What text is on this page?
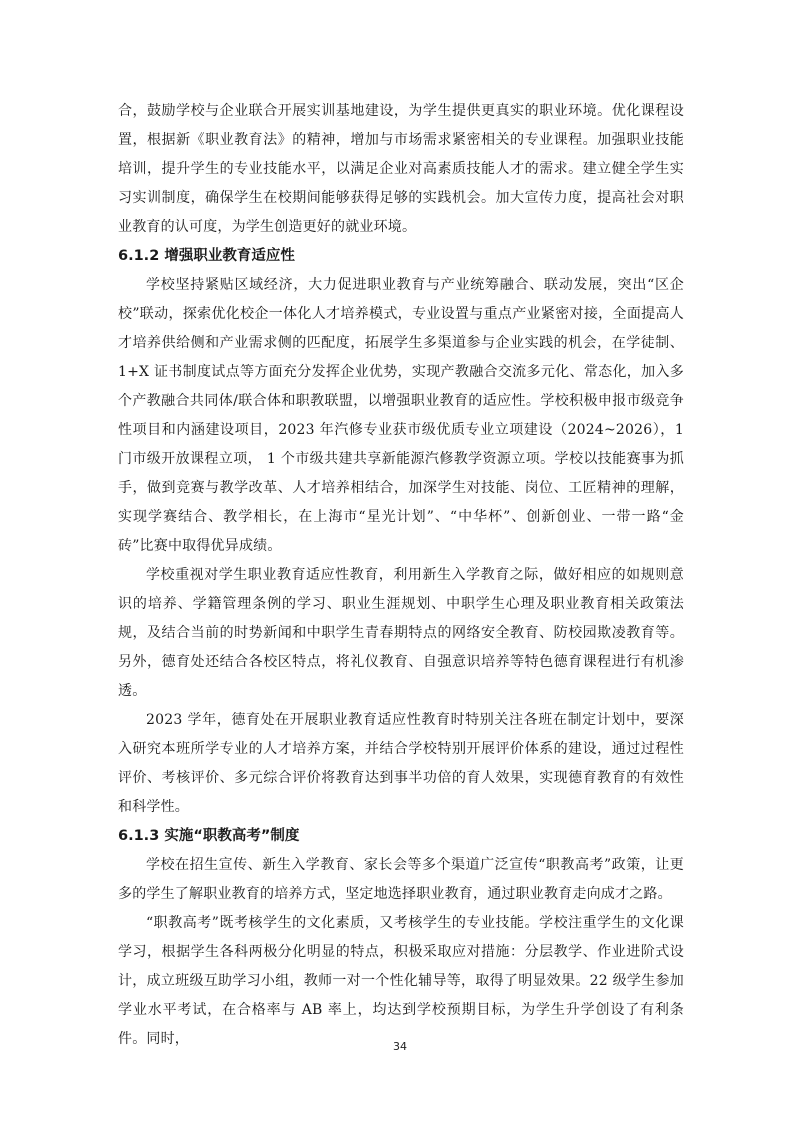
合，鼓励学校与企业联合开展实训基地建设，为学生提供更真实的职业环境。优化课程设置，根据新《职业教育法》的精神，增加与市场需求紧密相关的专业课程。加强职业技能培训，提升学生的专业技能水平，以满足企业对高素质技能人才的需求。建立健全学生实习实训制度，确保学生在校期间能够获得足够的实践机会。加大宣传力度，提高社会对职业教育的认可度，为学生创造更好的就业环境。

6.1.2 增强职业教育适应性

学校坚持紧贴区域经济，大力促进职业教育与产业统筹融合、联动发展，突出“区企校”联动，探索优化校企一体化人才培养模式，专业设置与重点产业紧密对接，全面提高人才培养供给侧和产业需求侧的匹配度，拓展学生多渠道参与企业实践的机会，在学徒制、1+X 证书制度试点等方面充分发挥企业优势，实现产教融合交流多元化、常态化，加入多个产教融合共同体/联合体和职教联盟，以增强职业教育的适应性。学校积极申报市级竞争性项目和内涵建设项目，2023 年汽修专业获市级优质专业立项建设（2024~2026），1 门市级开放课程立项， 1 个市级共建共享新能源汽修教学资源立项。学校以技能赛事为抓手，做到竞赛与教学改革、人才培养相结合，加深学生对技能、岗位、工匠精神的理解，实现学赛结合、教学相长，在上海市“星光计划”、“中华杯”、创新创业、一带一路“金砖”比赛中取得优异成绩。

学校重视对学生职业教育适应性教育，利用新生入学教育之际，做好相应的如规则意识的培养、学籍管理条例的学习、职业生涯规划、中职学生心理及职业教育相关政策法规，及结合当前的时势新闻和中职学生青春期特点的网络安全教育、防校园欺凌教育等。另外，德育处还结合各校区特点，将礼仪教育、自强意识培养等特色德育课程进行有机渗透。

2023 学年，德育处在开展职业教育适应性教育时特别关注各班在制定计划中，要深入研究本班所学专业的人才培养方案，并结合学校特别开展评价体系的建设，通过过程性评价、考核评价、多元综合评价将教育达到事半功倍的育人效果，实现德育教育的有效性和科学性。

6.1.3 实施“职教高考”制度

学校在招生宣传、新生入学教育、家长会等多个渠道广泛宣传“职教高考”政策，让更多的学生了解职业教育的培养方式，坚定地选择职业教育，通过职业教育走向成才之路。

“职教高考”既考核学生的文化素质，又考核学生的专业技能。学校注重学生的文化课学习，根据学生各科两极分化明显的特点，积极采取应对措施：分层教学、作业进阶式设计，成立班级互助学习小组，教师一对一个性化辅导等，取得了明显效果。22 级学生参加学业水平考试，在合格率与 AB 率上，均达到学校预期目标，为学生升学创设了有利条件。同时，	34
